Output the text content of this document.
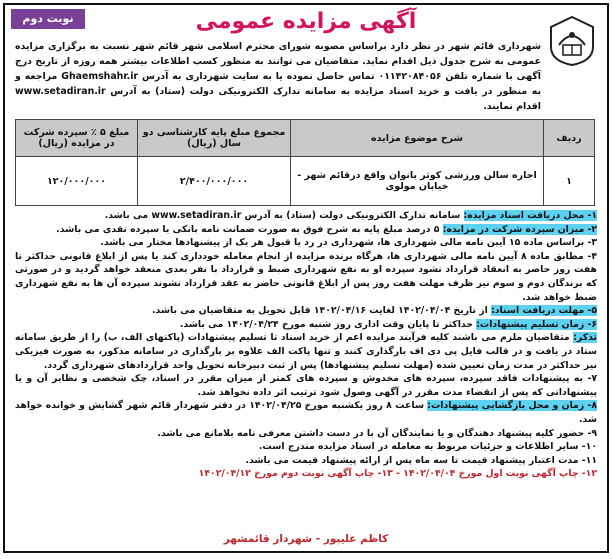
نوبت دوم	آگهی مزایده عمومی
شهرداری قائم شهر در نظر دارد براساس مصوبه شورای محترم اسلامی شهر قائم شهر نسبت به برگزاری مزایده عمومی به شرح جدول ذیل اقدام نماید. متقاضیان می توانند به منظور کسب اطلاعات بیشتر همه روزه از تاریخ درج آگهی با شماره تلفن ۰۱۱۴۲۰۸۴۰۵۶ تماس حاصل نموده یا به سایت شهرداری به آدرس Ghaemshahr.ir مراجعه و به منظور در یافت و خرید اسناد مزایده به سامانه تدارک الکترونیکی دولت (ستاد) به آدرس www.setadiran.ir اقدام نمایند.
ردیف	شرح موضوع مزایده	مجموع مبلغ پایه کارشناسی دو سال (ریال)	مبلغ ۵ ٪ سپرده شرکت در مزایده (ریال)
۱	اجاره سالن ورزشی کوثر بانوان واقع درقائم شهر - خیابان مولوی	۲/۴۰۰/۰۰۰/۰۰۰	۱۲۰/۰۰۰/۰۰۰

۱- محل دریافت اسناد مزایده: سامانه تدارک الکترونیکی دولت (ستاد) به آدرس www.setadiran.ir می باشد.

۲- میزان سپرده شرکت در مزایده: ۵ درصد مبلغ پایه به شرح فوق به صورت ضمانت نامه بانکی یا سپرده نقدی می باشد.

۳- براساس ماده ۱۵ آیین نامه مالی شهرداری ها، شهرداری در رد یا قبول هر یک از پیشنهادها مختار می باشد.

۴- مطابق ماده ۸ آیین نامه مالی شهرداری ها، هرگاه برنده مزایده از انجام معامله خودداری کند یا پس از ابلاغ قانونی حداکثر تا هفت روز حاضر به انعقاد قرارداد نشود سپرده او به نفع شهرداری ضبط و قرارداد با نفر بعدی منعقد خواهد گردید و در صورتی که برندگان دوم و سوم نیز ظرف مهلت هفت روز پس از ابلاغ قانونی حاضر به عقد قرارداد نشوند سپرده آن ها به نفع شهرداری ضبط خواهد شد.

۵- مهلت دریافت اسناد: از تاریخ ۱۴۰۲/۰۴/۰۴ لغایت ۱۴۰۲/۰۴/۱۶ قابل تحویل به متقاضیان می باشد.

۶- زمان تسلیم پیشنهادات: حداکثر تا پایان وقت اداری روز شنبه مورخ ۱۴۰۲/۰۴/۲۴ می باشد.

تذکر: متقاضیان ملزم می باشند کلیه فرآیند مزایده اعم از خرید اسناد تا تسلیم پیشنهادات (پاکتهای الف، ب) را از طریق سامانه ستاد در یافت و در قالب فایل پی دی اف بارگذاری کنند و تنها پاکت الف علاوه بر بارگذاری در سامانه مذکور، به صورت فیزیکی نیز حداکثر در مدت زمان تعیین شده (مهلت تسلیم پیشنهادها) پس از ثبت دبیرخانه تحویل واحد قراردادهای شهرداری گردد.

۷- به پیشنهادات فاقد سپرده، سپرده های مخدوش و سپرده های کمتر از میزان مقرر در اسناد، چک شخصی و نظایر آن و یا پیشنهاداتی که پس از انقضاء مدت مقرر در آگهی وصول شود ترتیب اثر داده نخواهد شد.

۸- زمان و محل بازگشایی پیشنهادات: ساعت ۸ روز یکشنبه مورخ ۱۴۰۲/۰۴/۲۵ در دفتر شهردار قائم شهر گشایش و خوانده خواهد شد.

۹- حضور کلیه پیشنهاد دهندگان و یا نمایندگان آن با در دست داشتن معرفی نامه بلامانع می باشد.

۱۰- سایر اطلاعات و جزئیات مربوط به معامله در اسناد مزایده مندرج است.

۱۱- مدت اعتبار پیشنهاد قیمت تا سه ماه پس از ارائه پیشنهاد قیمت می باشد.

۱۲- چاپ آگهی نوبت اول مورخ ۱۴۰۲/۰۴/۰۴ - ۱۳- چاپ آگهی نوبت دوم مورخ ۱۴۰۲/۰۴/۱۲

کاظم علیپور - شهردار قائمشهر
